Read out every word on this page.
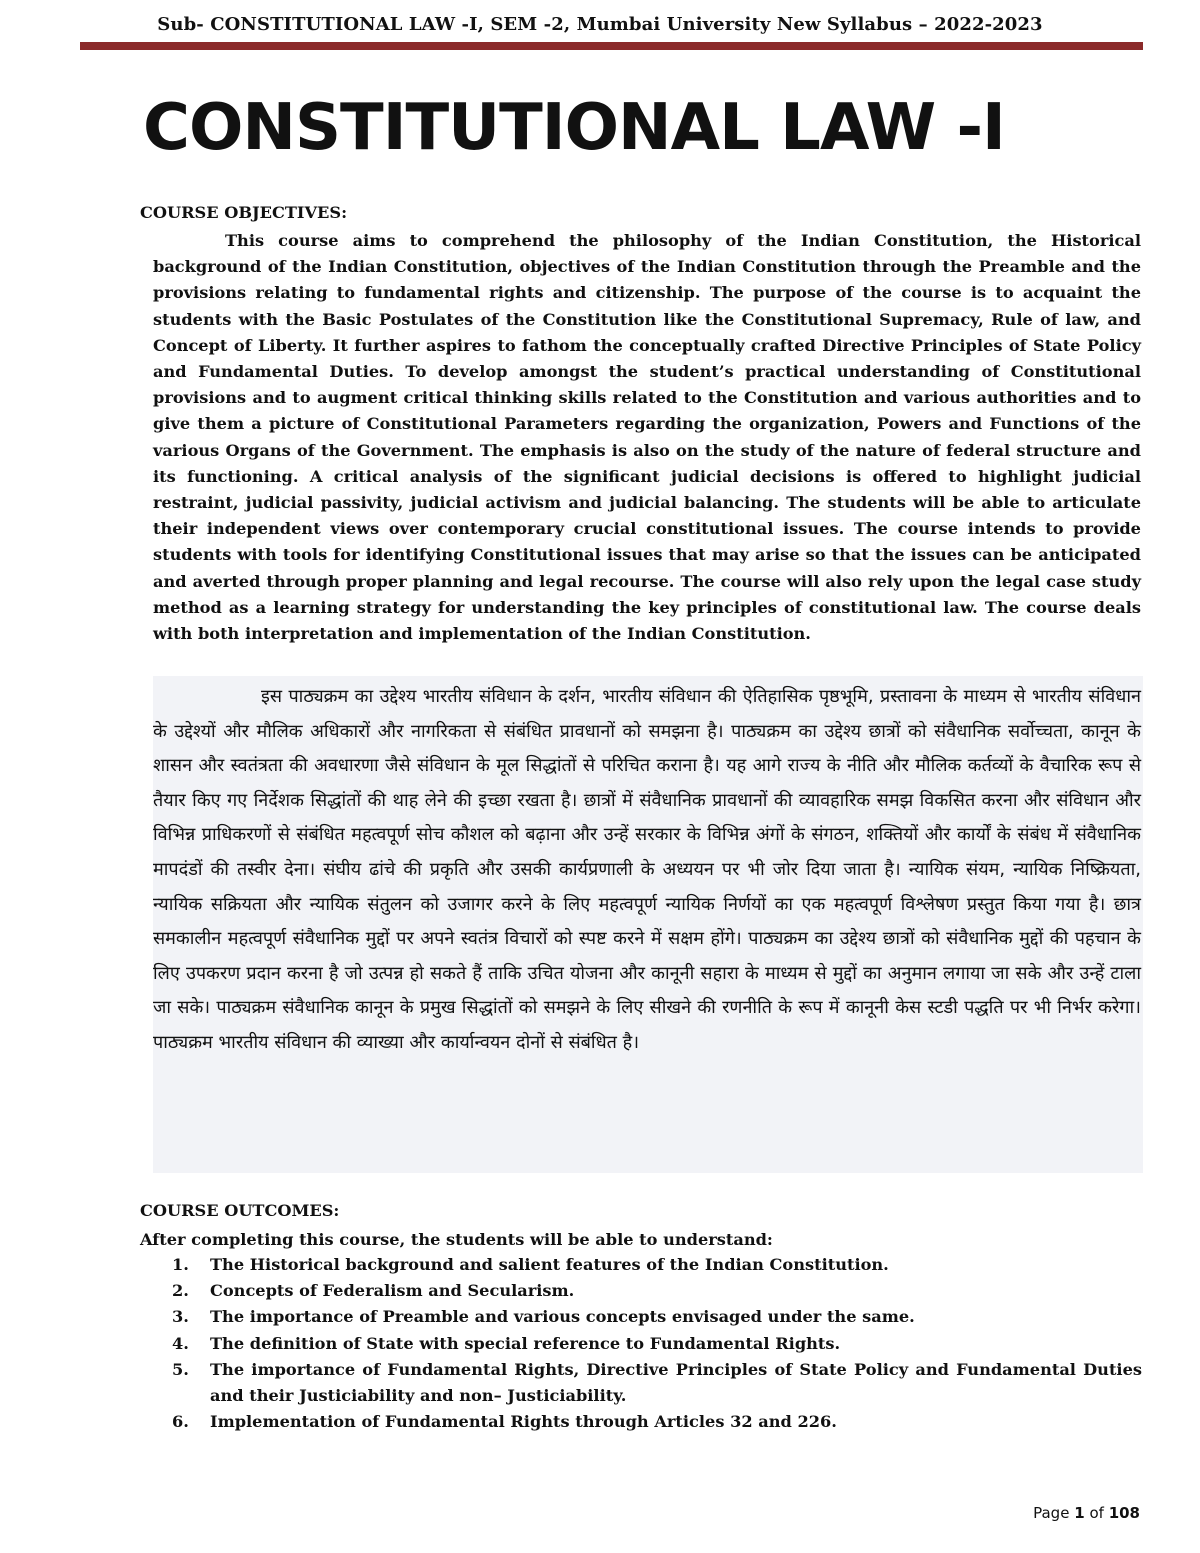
Sub- CONSTITUTIONAL LAW -I, SEM -2, Mumbai University New Syllabus – 2022-2023
CONSTITUTIONAL LAW -I
COURSE OBJECTIVES:

This course aims to comprehend the philosophy of the Indian Constitution, the Historical background of the Indian Constitution, objectives of the Indian Constitution through the Preamble and the provisions relating to fundamental rights and citizenship. The purpose of the course is to acquaint the students with the Basic Postulates of the Constitution like the Constitutional Supremacy, Rule of law, and Concept of Liberty. It further aspires to fathom the conceptually crafted Directive Principles of State Policy and Fundamental Duties. To develop amongst the student’s practical understanding of Constitutional provisions and to augment critical thinking skills related to the Constitution and various authorities and to give them a picture of Constitutional Parameters regarding the organization, Powers and Functions of the various Organs of the Government. The emphasis is also on the study of the nature of federal structure and its functioning. A critical analysis of the significant judicial decisions is offered to highlight judicial restraint, judicial passivity, judicial activism and judicial balancing. The students will be able to articulate their independent views over contemporary crucial constitutional issues. The course intends to provide students with tools for identifying Constitutional issues that may arise so that the issues can be anticipated and averted through proper planning and legal recourse. The course will also rely upon the legal case study method as a learning strategy for understanding the key principles of constitutional law. The course deals with both interpretation and implementation of the Indian Constitution.

इस पाठ्यक्रम का उद्देश्य भारतीय संविधान के दर्शन, भारतीय संविधान की ऐतिहासिक पृष्ठभूमि, प्रस्तावना के माध्यम से भारतीय संविधान के उद्देश्यों और मौलिक अधिकारों और नागरिकता से संबंधित प्रावधानों को समझना है। पाठ्यक्रम का उद्देश्य छात्रों को संवैधानिक सर्वोच्चता, कानून के शासन और स्वतंत्रता की अवधारणा जैसे संविधान के मूल सिद्धांतों से परिचित कराना है। यह आगे राज्य के नीति और मौलिक कर्तव्यों के वैचारिक रूप से तैयार किए गए निर्देशक सिद्धांतों की थाह लेने की इच्छा रखता है। छात्रों में संवैधानिक प्रावधानों की व्यावहारिक समझ विकसित करना और संविधान और विभिन्न प्राधिकरणों से संबंधित महत्वपूर्ण सोच कौशल को बढ़ाना और उन्हें सरकार के विभिन्न अंगों के संगठन, शक्तियों और कार्यों के संबंध में संवैधानिक मापदंडों की तस्वीर देना। संघीय ढांचे की प्रकृति और उसकी कार्यप्रणाली के अध्ययन पर भी जोर दिया जाता है। न्यायिक संयम, न्यायिक निष्क्रियता, न्यायिक सक्रियता और न्यायिक संतुलन को उजागर करने के लिए महत्वपूर्ण न्यायिक निर्णयों का एक महत्वपूर्ण विश्लेषण प्रस्तुत किया गया है। छात्र समकालीन महत्वपूर्ण संवैधानिक मुद्दों पर अपने स्वतंत्र विचारों को स्पष्ट करने में सक्षम होंगे। पाठ्यक्रम का उद्देश्य छात्रों को संवैधानिक मुद्दों की पहचान के लिए उपकरण प्रदान करना है जो उत्पन्न हो सकते हैं ताकि उचित योजना और कानूनी सहारा के माध्यम से मुद्दों का अनुमान लगाया जा सके और उन्हें टाला जा सके। पाठ्यक्रम संवैधानिक कानून के प्रमुख सिद्धांतों को समझने के लिए सीखने की रणनीति के रूप में कानूनी केस स्टडी पद्धति पर भी निर्भर करेगा। पाठ्यक्रम भारतीय संविधान की व्याख्या और कार्यान्वयन दोनों से संबंधित है।

COURSE OUTCOMES:

After completing this course, the students will be able to understand:

1.	The Historical background and salient features of the Indian Constitution.
2.	Concepts of Federalism and Secularism.
3.	The importance of Preamble and various concepts envisaged under the same.
4.	The definition of State with special reference to Fundamental Rights.
5.	The importance of Fundamental Rights, Directive Principles of State Policy and Fundamental Duties and their Justiciability and non– Justiciability.
6.	Implementation of Fundamental Rights through Articles 32 and 226.
Page 1 of 108
